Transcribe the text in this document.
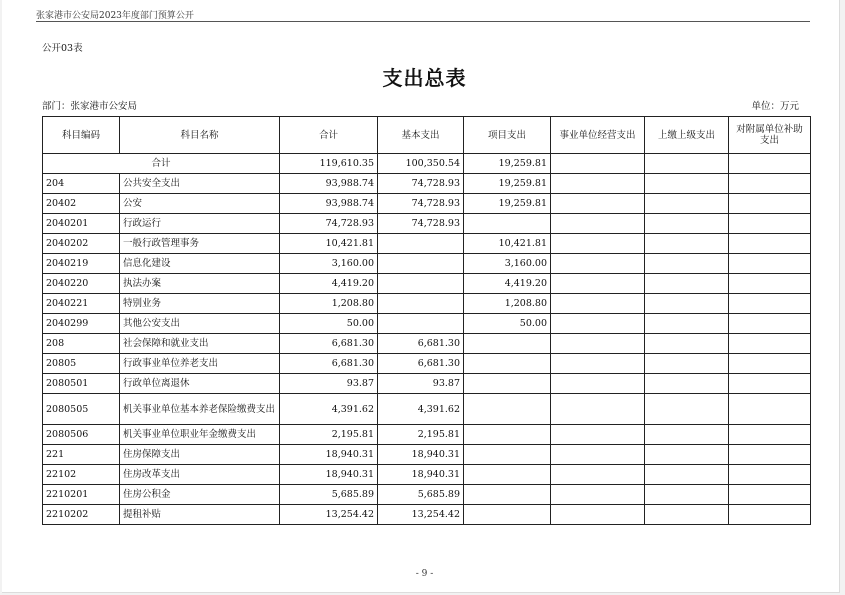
张家港市公安局2023年度部门预算公开
公开03表
支出总表
部门：张家港市公安局	单位：万元
科目编码	科目名称	合计	基本支出	项目支出	事业单位经营支出	上缴上级支出	对附属单位补助支出
合计		119,610.35	100,350.54	19,259.81			
204	公共安全支出	93,988.74	74,728.93	19,259.81			
20402	公安	93,988.74	74,728.93	19,259.81			
2040201	行政运行	74,728.93	74,728.93				
2040202	一般行政管理事务	10,421.81		10,421.81			
2040219	信息化建设	3,160.00		3,160.00			
2040220	执法办案	4,419.20		4,419.20			
2040221	特别业务	1,208.80		1,208.80			
2040299	其他公安支出	50.00		50.00			
208	社会保障和就业支出	6,681.30	6,681.30				
20805	行政事业单位养老支出	6,681.30	6,681.30				
2080501	行政单位离退休	93.87	93.87				
2080505	机关事业单位基本养老保险缴费支出	4,391.62	4,391.62				
2080506	机关事业单位职业年金缴费支出	2,195.81	2,195.81				
221	住房保障支出	18,940.31	18,940.31				
22102	住房改革支出	18,940.31	18,940.31				
2210201	住房公积金	5,685.89	5,685.89				
2210202	提租补贴	13,254.42	13,254.42				
- 9 -
